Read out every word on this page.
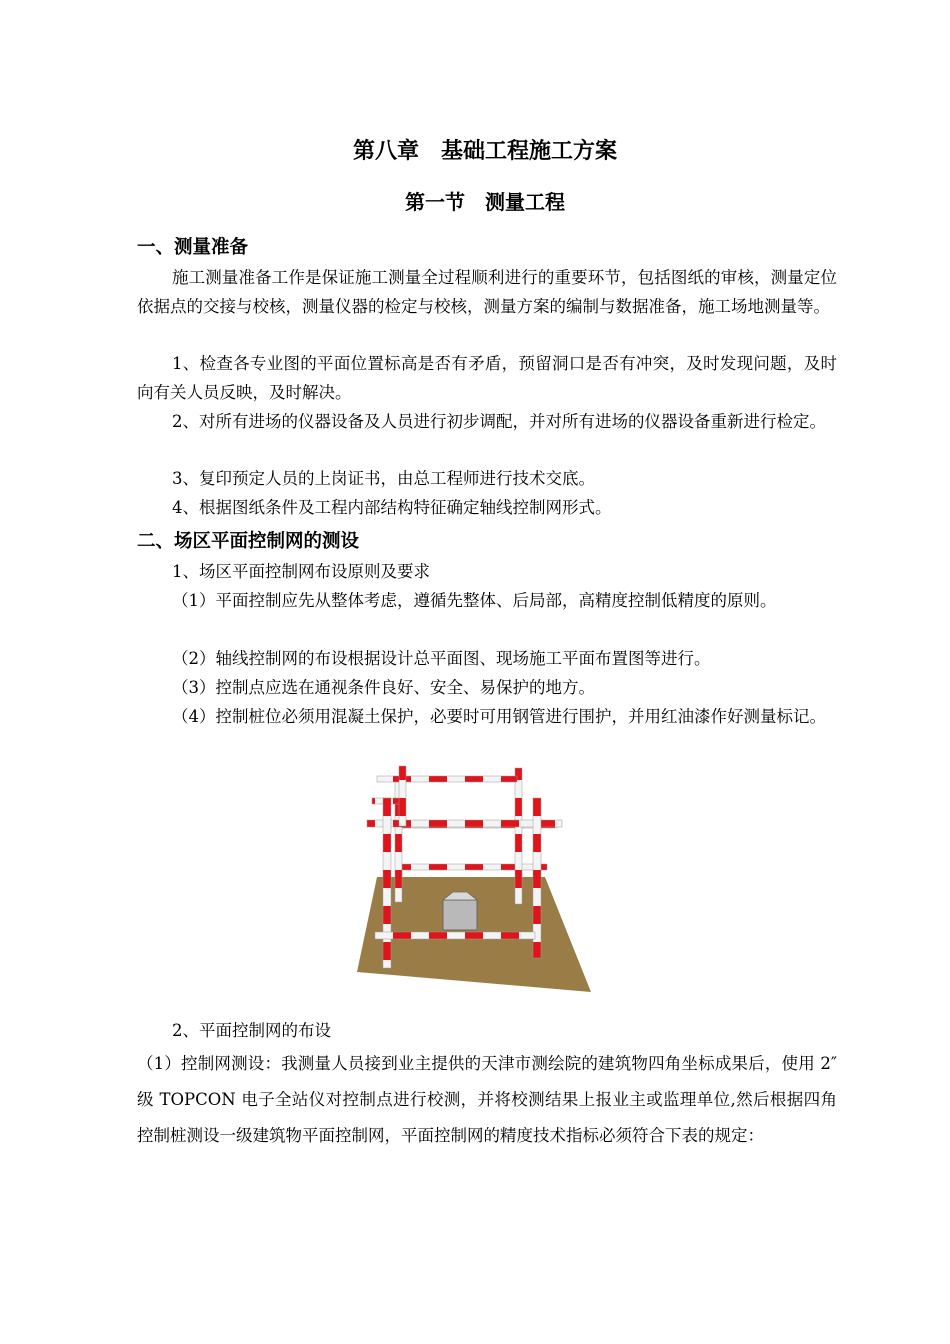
第八章　基础工程施工方案
第一节　测量工程
一、测量准备

施工测量准备工作是保证施工测量全过程顺利进行的重要环节，包括图纸的审核，测量定位依据点的交接与校核，测量仪器的检定与校核，测量方案的编制与数据准备，施工场地测量等。

1、检查各专业图的平面位置标高是否有矛盾，预留洞口是否有冲突，及时发现问题，及时向有关人员反映，及时解决。

2、对所有进场的仪器设备及人员进行初步调配，并对所有进场的仪器设备重新进行检定。

3、复印预定人员的上岗证书，由总工程师进行技术交底。

4、根据图纸条件及工程内部结构特征确定轴线控制网形式。

二、场区平面控制网的测设

1、场区平面控制网布设原则及要求

（1）平面控制应先从整体考虑，遵循先整体、后局部，高精度控制低精度的原则。

（2）轴线控制网的布设根据设计总平面图、现场施工平面布置图等进行。

（3）控制点应选在通视条件良好、安全、易保护的地方。

（4）控制桩位必须用混凝土保护，必要时可用钢管进行围护，并用红油漆作好测量标记。

2、平面控制网的布设

（1）控制网测设：我测量人员接到业主提供的天津市测绘院的建筑物四角坐标成果后，使用 2″级 TOPCON 电子全站仪对控制点进行校测，并将校测结果上报业主或监理单位,然后根据四角控制桩测设一级建筑物平面控制网，平面控制网的精度技术指标必须符合下表的规定：
